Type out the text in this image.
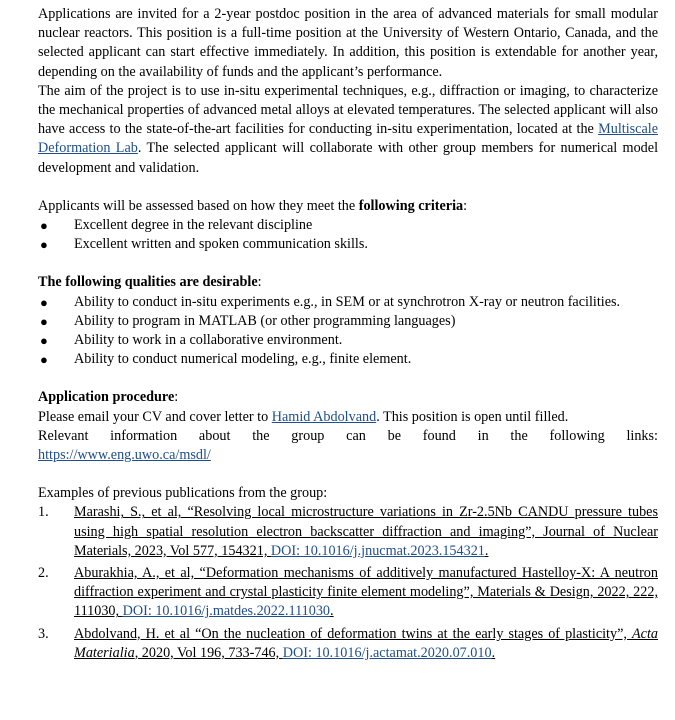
Applications are invited for a 2-year postdoc position in the area of advanced materials for small modular nuclear reactors. This position is a full-time position at the University of Western Ontario, Canada, and the selected applicant can start effective immediately. In addition, this position is extendable for another year, depending on the availability of funds and the applicant’s performance.

The aim of the project is to use in-situ experimental techniques, e.g., diffraction or imaging, to characterize the mechanical properties of advanced metal alloys at elevated temperatures. The selected applicant will also have access to the state-of-the-art facilities for conducting in-situ experimentation, located at the Multiscale Deformation Lab. The selected applicant will collaborate with other group members for numerical model development and validation.

Applicants will be assessed based on how they meet the following criteria:

● Excellent degree in the relevant discipline
● Excellent written and spoken communication skills.

The following qualities are desirable:

● Ability to conduct in-situ experiments e.g., in SEM or at synchrotron X-ray or neutron facilities.
● Ability to program in MATLAB (or other programming languages)
● Ability to work in a collaborative environment.
● Ability to conduct numerical modeling, e.g., finite element.

Application procedure:

Please email your CV and cover letter to Hamid Abdolvand. This position is open until filled.

Relevant information about the group can be found in the following links:

https://www.eng.uwo.ca/msdl/

Examples of previous publications from the group:

1. Marashi, S., et al, “Resolving local microstructure variations in Zr-2.5Nb CANDU pressure tubes using high spatial resolution electron backscatter diffraction and imaging”, Journal of Nuclear Materials, 2023, Vol 577, 154321, DOI: 10.1016/j.jnucmat.2023.154321.
2. Aburakhia, A., et al, “Deformation mechanisms of additively manufactured Hastelloy-X: A neutron diffraction experiment and crystal plasticity finite element modeling”, Materials & Design, 2022, 222, 111030, DOI: 10.1016/j.matdes.2022.111030.
3. Abdolvand, H. et al “On the nucleation of deformation twins at the early stages of plasticity”, Acta Materialia, 2020, Vol 196, 733-746, DOI: 10.1016/j.actamat.2020.07.010.
